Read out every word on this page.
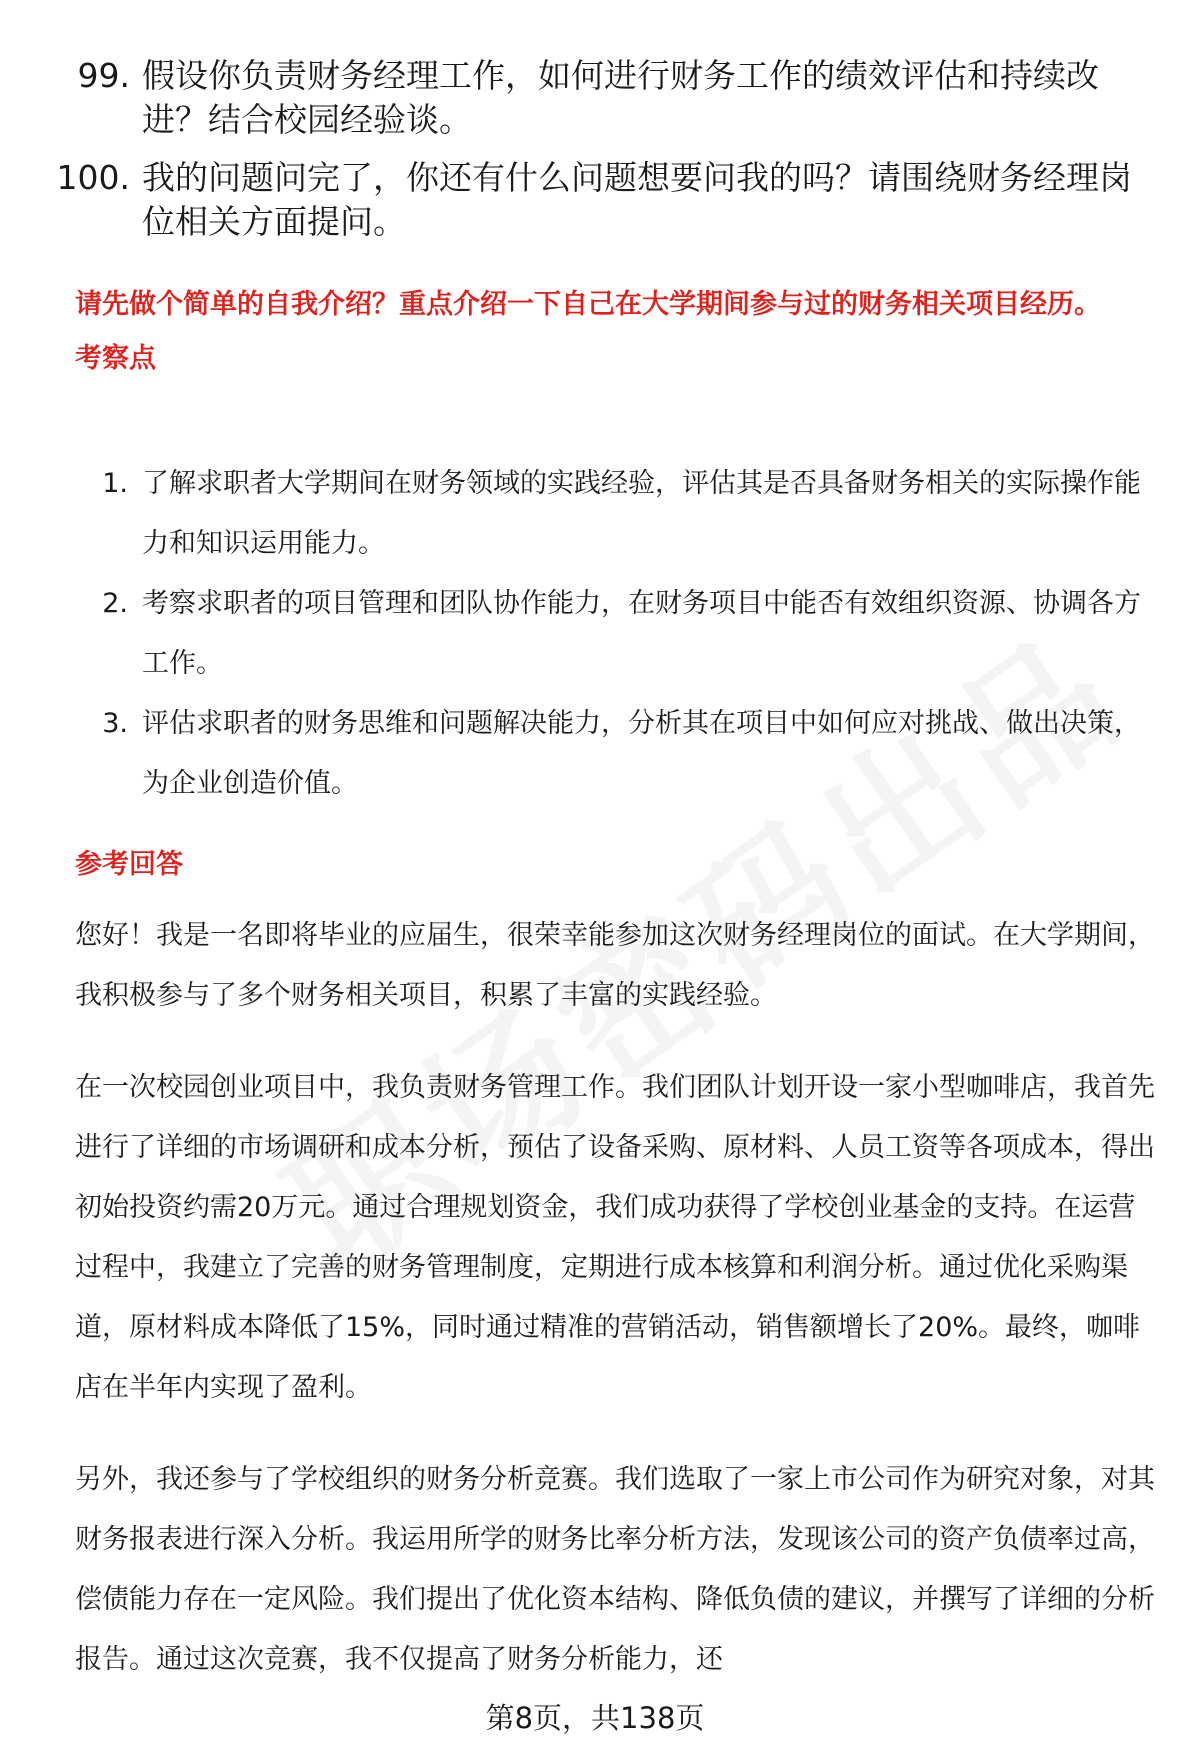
99. 假设你负责财务经理工作，如何进行财务工作的绩效评估和持续改进？结合校园经验谈。
100. 我的问题问完了，你还有什么问题想要问我的吗？请围绕财务经理岗位相关方面提问。
请先做个简单的自我介绍？重点介绍一下自己在大学期间参与过的财务相关项目经历。
考察点
1. 了解求职者大学期间在财务领域的实践经验，评估其是否具备财务相关的实际操作能力和知识运用能力。
2. 考察求职者的项目管理和团队协作能力，在财务项目中能否有效组织资源、协调各方工作。
3. 评估求职者的财务思维和问题解决能力，分析其在项目中如何应对挑战、做出决策，为企业创造价值。
参考回答

您好！我是一名即将毕业的应届生，很荣幸能参加这次财务经理岗位的面试。在大学期间，我积极参与了多个财务相关项目，积累了丰富的实践经验。

在一次校园创业项目中，我负责财务管理工作。我们团队计划开设一家小型咖啡店，我首先进行了详细的市场调研和成本分析，预估了设备采购、原材料、人员工资等各项成本，得出初始投资约需20万元。通过合理规划资金，我们成功获得了学校创业基金的支持。在运营过程中，我建立了完善的财务管理制度，定期进行成本核算和利润分析。通过优化采购渠道，原材料成本降低了15%，同时通过精准的营销活动，销售额增长了20%。最终，咖啡店在半年内实现了盈利。

另外，我还参与了学校组织的财务分析竞赛。我们选取了一家上市公司作为研究对象，对其财务报表进行深入分析。我运用所学的财务比率分析方法，发现该公司的资产负债率过高，偿债能力存在一定风险。我们提出了优化资本结构、降低负债的建议，并撰写了详细的分析报告。通过这次竞赛，我不仅提高了财务分析能力，还

第8页，共138页
